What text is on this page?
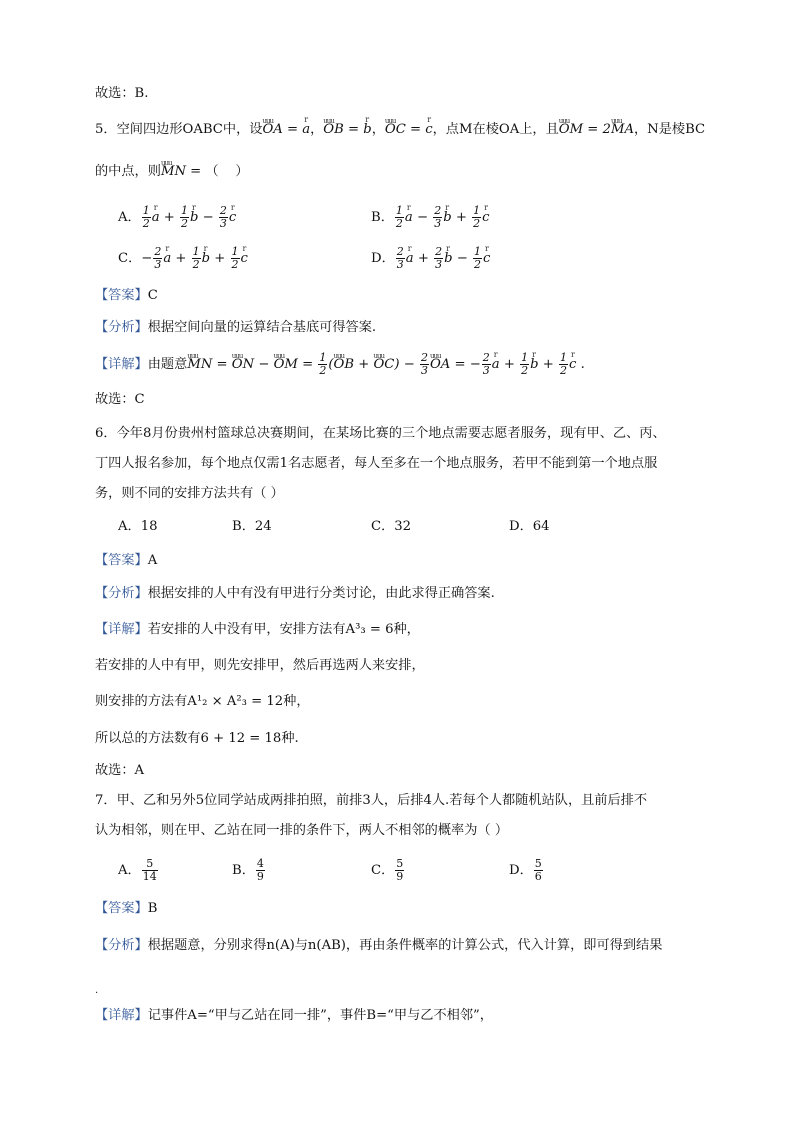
故选：B.
5．空间四边形OABC中，设uuu OA = r a，uuu OB = r b，uuu OC = r c，点M在棱OA上，且uuu OM = 2uuu MA，N是棱BC
的中点，则uuu MN = （    ）
A． $\frac{1}{2}$ r $a + \frac{1}{2}$ r $b - \frac{2}{3}$ r c	B． $\frac{1}{2}$ r $a - \frac{2}{3}$ r $b + \frac{1}{2}$ r c
C．− $\frac{2}{3}$ r $a + \frac{1}{2}$ r $b + \frac{1}{2}$ r c	D． $\frac{2}{3}$ r $a + \frac{2}{3}$ r $b - \frac{1}{2}$ r c
【答案】C
【分析】根据空间向量的运算结合基底可得答案.
【详解】由题意uuu MN = uuu ON − uuu OM = $\frac{1}{2} (uuu$ OB + uuu $OC) - \frac{2}{3}$ uuu OA = − $\frac{2}{3}$ r $a + \frac{1}{2}$ r $b + \frac{1}{2}$ r c .
故选：C
6．今年8月份贵州村篮球总决赛期间，在某场比赛的三个地点需要志愿者服务，现有甲、乙、丙、
丁四人报名参加，每个地点仅需1名志愿者，每人至多在一个地点服务，若甲不能到第一个地点服
务，则不同的安排方法共有（ ）
A．18	B．24	C．32	D．64
【答案】A
【分析】根据安排的人中有没有甲进行分类讨论，由此求得正确答案.
【详解】若安排的人中没有甲，安排方法有A³₃ = 6种，
若安排的人中有甲，则先安排甲，然后再选两人来安排，
则安排的方法有A¹₂ × A²₃ = 12种，
所以总的方法数有6 + 12 = 18种.
故选：A
7．甲、乙和另外5位同学站成两排拍照，前排3人，后排4人.若每个人都随机站队，且前后排不
认为相邻，则在甲、乙站在同一排的条件下，两人不相邻的概率为（ ）
A． $\frac{5}{14}$	B． $\frac{4}{9}$	C． $\frac{5}{9}$	D． $\frac{5}{6}$
【答案】B
【分析】根据题意，分别求得n(A)与n(AB)，再由条件概率的计算公式，代入计算，即可得到结果
.
【详解】记事件A=“甲与乙站在同一排”，事件B=“甲与乙不相邻”，
